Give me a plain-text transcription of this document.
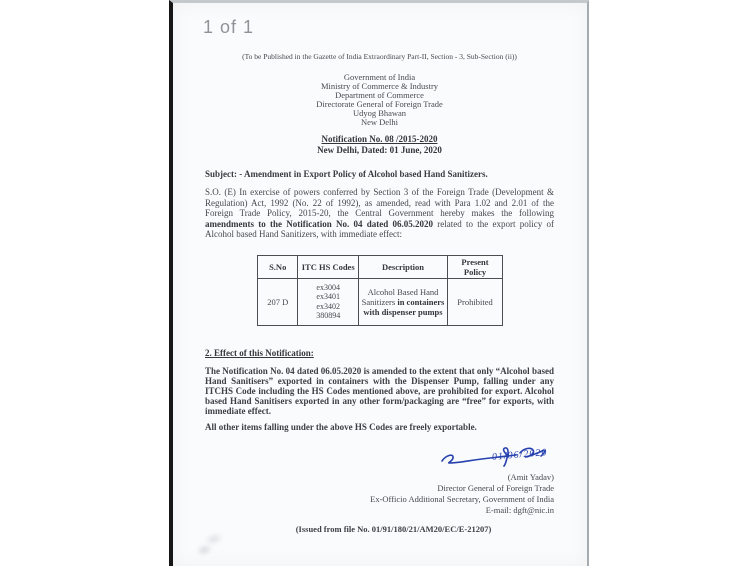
1 of 1
(To be Published in the Gazette of India Extraordinary Part-II, Section - 3, Sub-Section (ii))
Government of India
Ministry of Commerce & Industry
Department of Commerce
Directorate General of Foreign Trade
Udyog Bhawan
New Delhi
Notification No. 08 /2015-2020
New Delhi, Dated: 01 June, 2020
Subject: - Amendment in Export Policy of Alcohol based Hand Sanitizers.
S.O. (E) In exercise of powers conferred by Section 3 of the Foreign Trade (Development & Regulation) Act, 1992 (No. 22 of 1992), as amended, read with Para 1.02 and 2.01 of the Foreign Trade Policy, 2015-20, the Central Government hereby makes the following amendments to the Notification No. 04 dated 06.05.2020 related to the export policy of Alcohol based Hand Sanitizers, with immediate effect:
S.No	ITC HS Codes	Description	Present Policy
207 D	ex3004
ex3401
ex3402
380894	Alcohol Based Hand Sanitizers in containers with dispenser pumps	Prohibited
2. Effect of this Notification:
The Notification No. 04 dated 06.05.2020 is amended to the extent that only “Alcohol based Hand Sanitisers” exported in containers with the Dispenser Pump, falling under any ITCHS Code including the HS Codes mentioned above, are prohibited for export. Alcohol based Hand Sanitisers exported in any other form/packaging are “free” for exports, with immediate effect.
All other items falling under the above HS Codes are freely exportable.
01/06/2020
(Amit Yadav)
Director General of Foreign Trade
Ex-Officio Additional Secretary, Government of India
E-mail: dgft@nic.in
(Issued from file No. 01/91/180/21/AM20/EC/E-21207)
